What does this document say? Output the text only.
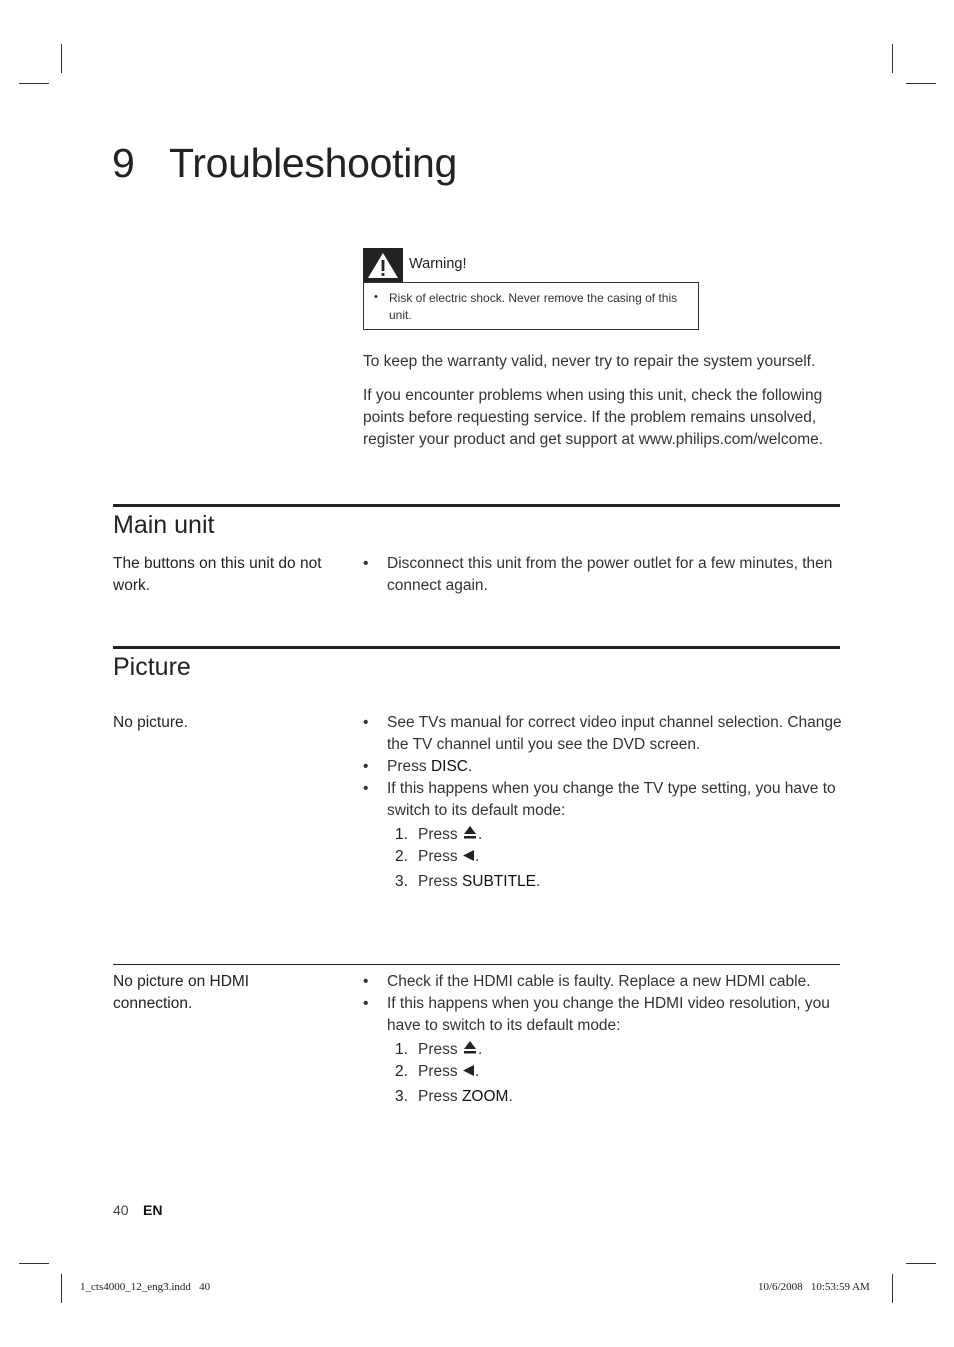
9 Troubleshooting
Warning!
• Risk of electric shock. Never remove the casing of this unit.
To keep the warranty valid, never try to repair the system yourself.
If you encounter problems when using this unit, check the following points before requesting service. If the problem remains unsolved, register your product and get support at www.philips.com/welcome.
Main unit
The buttons on this unit do not work.
• Disconnect this unit from the power outlet for a few minutes, then connect again.
Picture
No picture.	• See TVs manual for correct video input channel selection. Change the TV channel until you see the DVD screen.
• Press DISC.
• If this happens when you change the TV type setting, you have to switch to its default mode:
1. Press .
2. Press .
3. Press SUBTITLE.
No picture on HDMI connection.
• Check if the HDMI cable is faulty. Replace a new HDMI cable.
• If this happens when you change the HDMI video resolution, you have to switch to its default mode:
1. Press .
2. Press .
3. Press ZOOM.
40 EN
1_cts4000_12_eng3.indd   40	10/6/2008   10:53:59 AM
